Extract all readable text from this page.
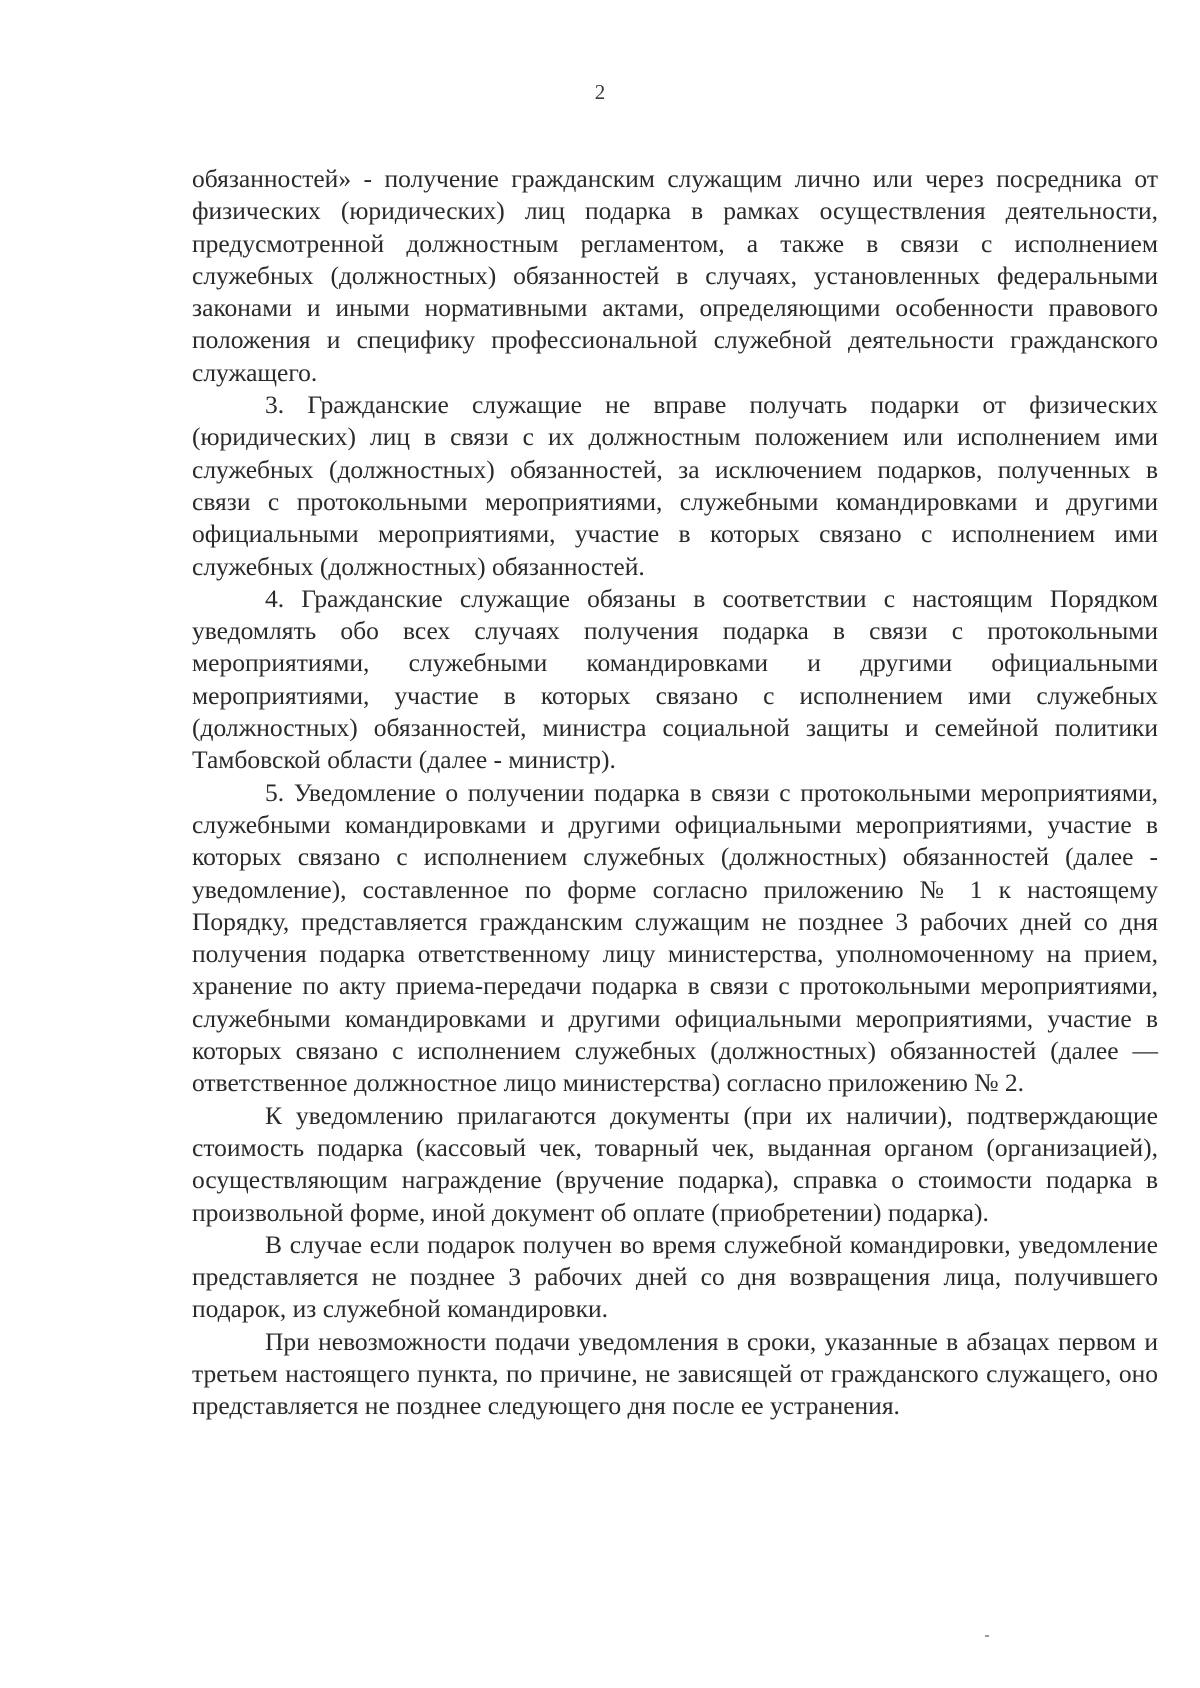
2

обязанностей» - получение гражданским служащим лично или через посредника от физических (юридических) лиц подарка в рамках осуществления деятельности, предусмотренной должностным регламентом, а также в связи с исполнением служебных (должностных) обязанностей в случаях, установленных федеральными законами и иными нормативными актами, определяющими особенности правового положения и специфику профессиональной служебной деятельности гражданского служащего.

3. Гражданские служащие не вправе получать подарки от физических (юридических) лиц в связи с их должностным положением или исполнением ими служебных (должностных) обязанностей, за исключением подарков, полученных в связи с протокольными мероприятиями, служебными командировками и другими официальными мероприятиями, участие в которых связано с исполнением ими служебных (должностных) обязанностей.

4. Гражданские служащие обязаны в соответствии с настоящим Порядком уведомлять обо всех случаях получения подарка в связи с протокольными мероприятиями, служебными командировками и другими официальными мероприятиями, участие в которых связано с исполнением ими служебных (должностных) обязанностей, министра социальной защиты и семейной политики Тамбовской области (далее - министр).

5. Уведомление о получении подарка в связи с протокольными мероприятиями, служебными командировками и другими официальными мероприятиями, участие в которых связано с исполнением служебных (должностных) обязанностей (далее - уведомление), составленное по форме согласно приложению № 1 к настоящему Порядку, представляется гражданским служащим не позднее 3 рабочих дней со дня получения подарка ответственному лицу министерства, уполномоченному на прием, хранение по акту приема-передачи подарка в связи с протокольными мероприятиями, служебными командировками и другими официальными мероприятиями, участие в которых связано с исполнением служебных (должностных) обязанностей (далее — ответственное должностное лицо министерства) согласно приложению № 2.

К уведомлению прилагаются документы (при их наличии), подтверждающие стоимость подарка (кассовый чек, товарный чек, выданная органом (организацией), осуществляющим награждение (вручение подарка), справка о стоимости подарка в произвольной форме, иной документ об оплате (приобретении) подарка).

В случае если подарок получен во время служебной командировки, уведомление представляется не позднее 3 рабочих дней со дня возвращения лица, получившего подарок, из служебной командировки.

При невозможности подачи уведомления в сроки, указанные в абзацах первом и третьем настоящего пункта, по причине, не зависящей от гражданского служащего, оно представляется не позднее следующего дня после ее устранения.
